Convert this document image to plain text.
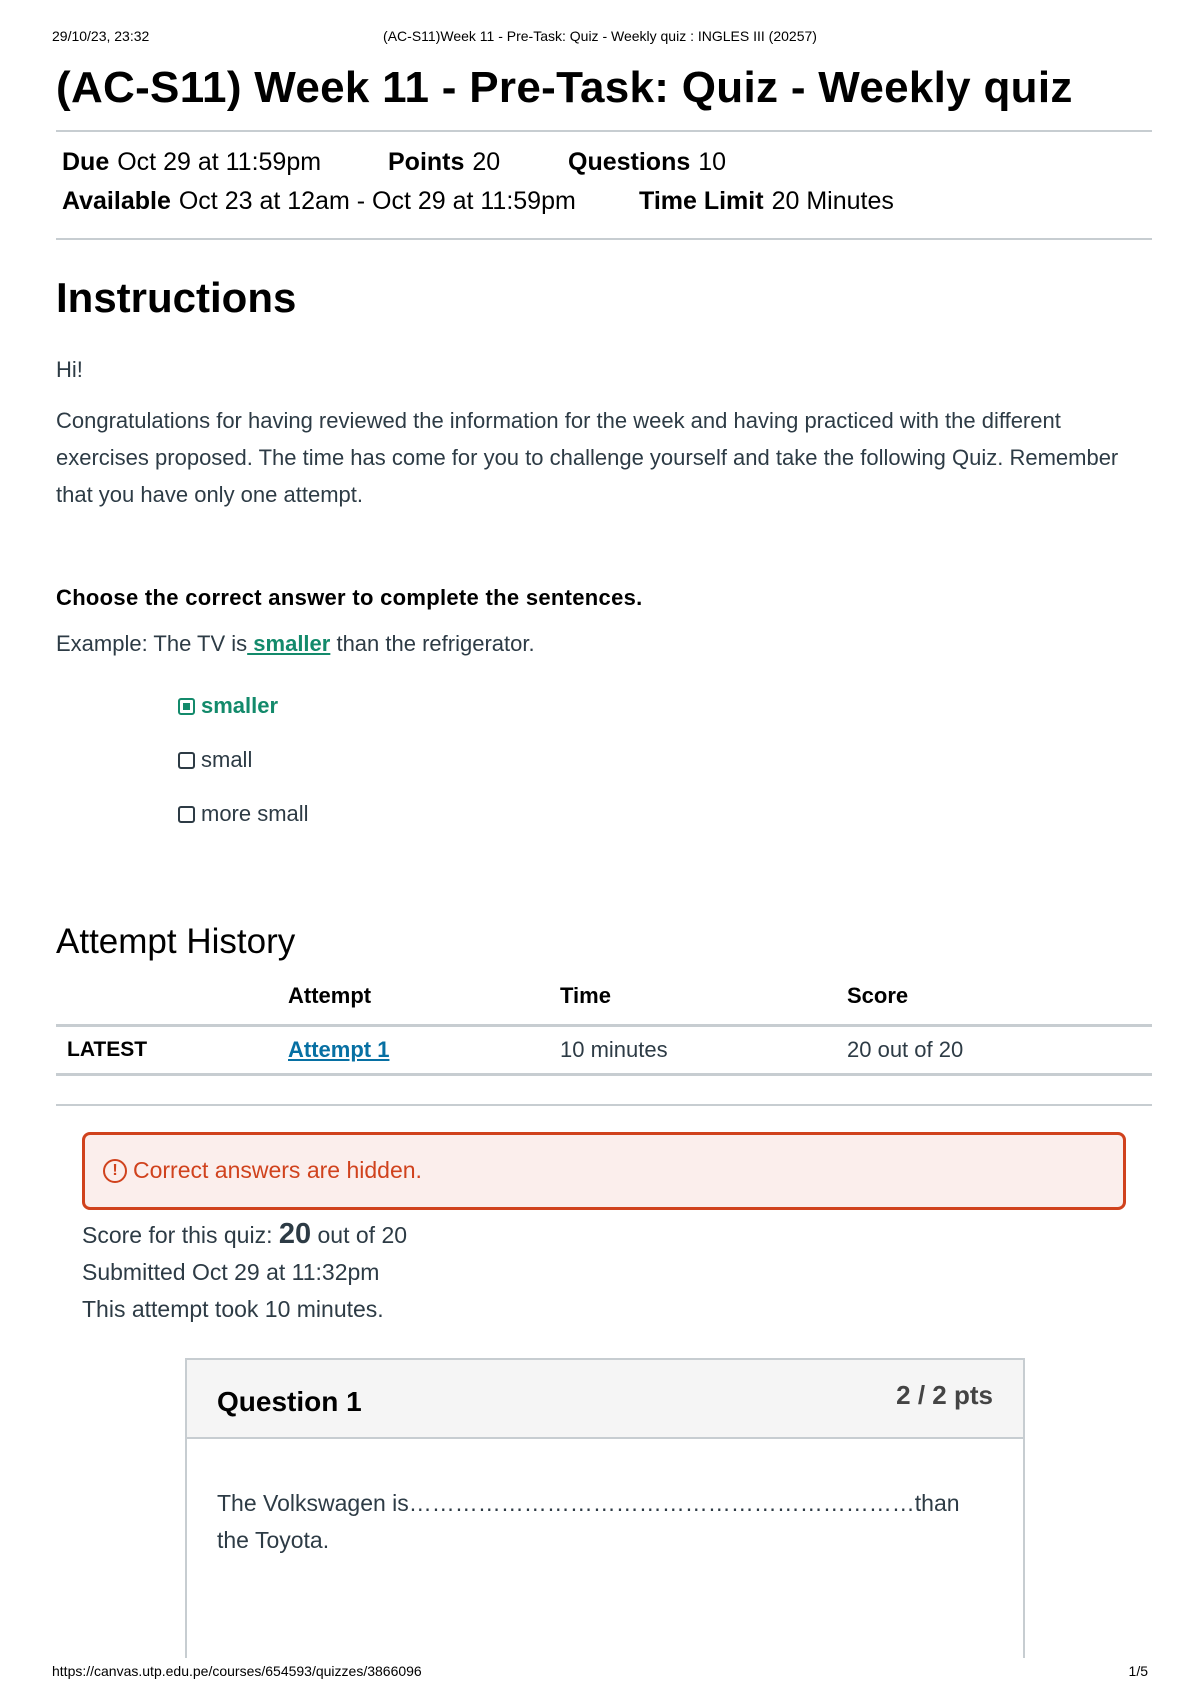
29/10/23, 23:32	(AC-S11)Week 11 - Pre-Task: Quiz - Weekly quiz : INGLES III (20257)
(AC-S11) Week 11 - Pre-Task: Quiz - Weekly quiz
Due Oct 29 at 11:59pm	Points 20	Questions 10
Available Oct 23 at 12am - Oct 29 at 11:59pm	Time Limit 20 Minutes
Instructions

Hi!

Congratulations for having reviewed the information for the week and having practiced with the different exercises proposed. The time has come for you to challenge yourself and take the following Quiz. Remember that you have only one attempt.

Choose the correct answer to complete the sentences.

Example: The TV is smaller than the refrigerator.

smaller
small
more small
Attempt History
	Attempt	Time	Score
LATEST	Attempt 1	10 minutes	20 out of 20
! Correct answers are hidden.
Score for this quiz: 20 out of 20
Submitted Oct 29 at 11:32pm
This attempt took 10 minutes.
Question 1	2 / 2 pts
The Volkswagen is…………………………………………………………than
the Toyota.
https://canvas.utp.edu.pe/courses/654593/quizzes/3866096	1/5
